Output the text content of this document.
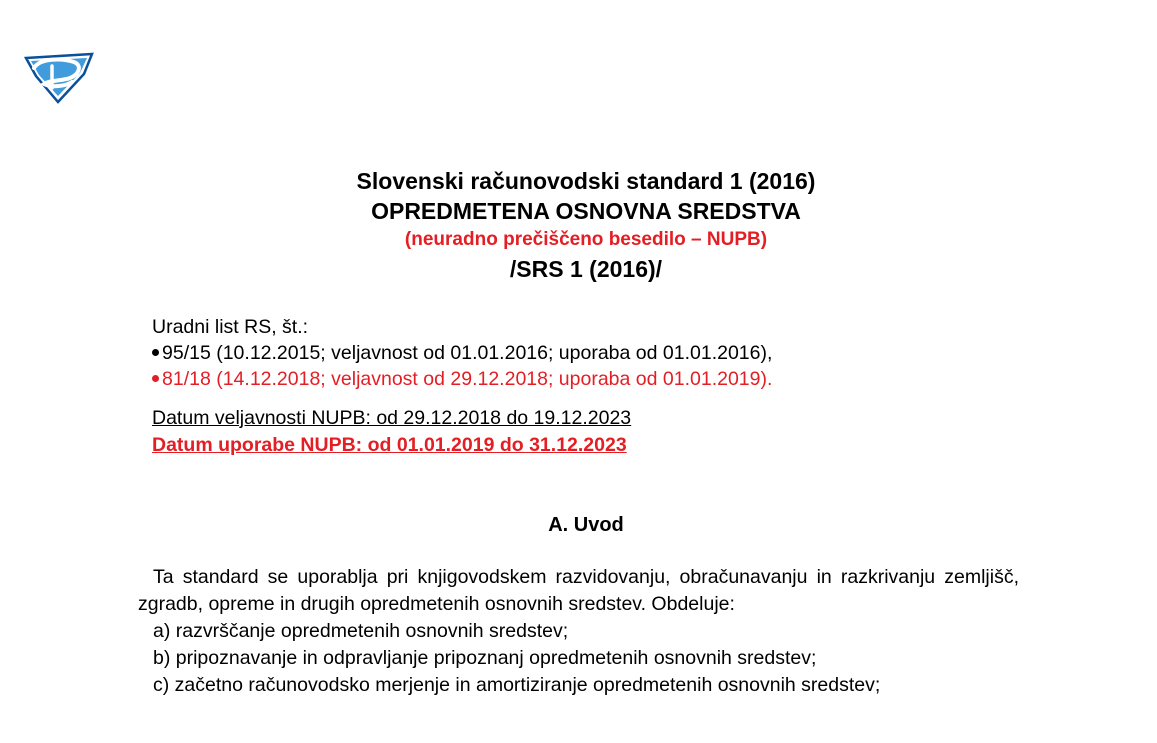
Slovenski računovodski standard 1 (2016)
OPREDMETENA OSNOVNA SREDSTVA
(neuradno prečiščeno besedilo – NUPB)
/SRS 1 (2016)/
Uradni list RS, št.:
95/15 (10.12.2015; veljavnost od 01.01.2016; uporaba od 01.01.2016),
81/18 (14.12.2018; veljavnost od 29.12.2018; uporaba od 01.01.2019).
Datum veljavnosti NUPB: od 29.12.2018 do 19.12.2023
Datum uporabe NUPB: od 01.01.2019 do 31.12.2023
A. Uvod

Ta standard se uporablja pri knjigovodskem razvidovanju, obračunavanju in razkrivanju zemljišč, zgradb, opreme in drugih opredmetenih osnovnih sredstev. Obdeluje:

a) razvrščanje opredmetenih osnovnih sredstev;
b) pripoznavanje in odpravljanje pripoznanj opredmetenih osnovnih sredstev;
c) začetno računovodsko merjenje in amortiziranje opredmetenih osnovnih sredstev;
